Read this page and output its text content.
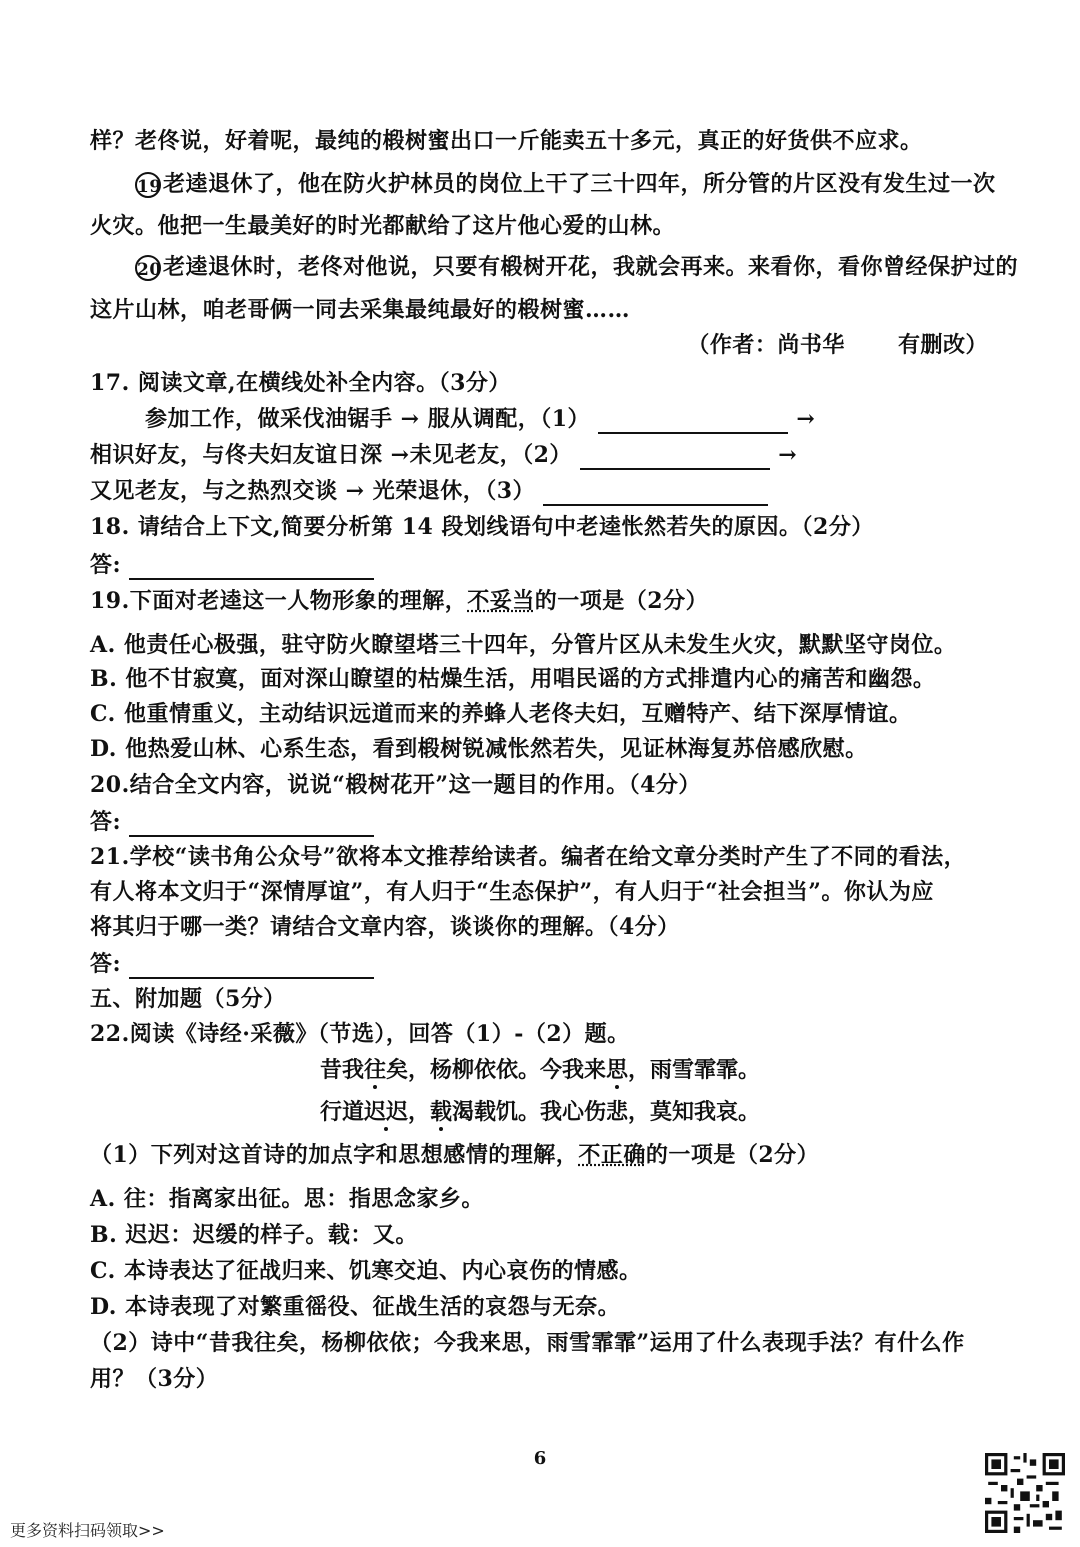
样？老佟说，好着呢，最纯的椴树蜜出口一斤能卖五十多元，真正的好货供不应求。
19老逵退休了，他在防火护林员的岗位上干了三十四年，所分管的片区没有发生过一次
火灾。他把一生最美好的时光都献给了这片他心爱的山林。
20老逵退休时，老佟对他说，只要有椴树开花，我就会再来。来看你，看你曾经保护过的
这片山林，咱老哥俩一同去采集最纯最好的椴树蜜……
（作者：尚书华　　 有删改）
17. 阅读文章,在横线处补全内容。（3分）
参加工作，做采伐油锯手 → 服从调配，（1）	→
相识好友，与佟夫妇友谊日深 →未见老友，（2）	→
又见老友，与之热烈交谈 → 光荣退休，（3）
18. 请结合上下文,简要分析第 14 段划线语句中老逵怅然若失的原因。（2分）
答:
19.下面对老逵这一人物形象的理解，不妥当的一项是（2分）
A. 他责任心极强，驻守防火瞭望塔三十四年，分管片区从未发生火灾，默默坚守岗位。
B. 他不甘寂寞，面对深山瞭望的枯燥生活，用唱民谣的方式排遣内心的痛苦和幽怨。
C. 他重情重义，主动结识远道而来的养蜂人老佟夫妇，互赠特产、结下深厚情谊。
D. 他热爱山林、心系生态，看到椴树锐减怅然若失，见证林海复苏倍感欣慰。
20.结合全文内容，说说“椴树花开”这一题目的作用。（4分）
答:
21.学校“读书角公众号”欲将本文推荐给读者。编者在给文章分类时产生了不同的看法，
有人将本文归于“深情厚谊”，有人归于“生态保护”，有人归于“社会担当”。你认为应
将其归于哪一类？请结合文章内容，谈谈你的理解。（4分）
答:
五、附加题（5分）
22.阅读《诗经·采薇》（节选），回答（1）-（2）题。
昔我往矣，杨柳依依。今我来思，雨雪霏霏。
行道迟迟，载渴载饥。我心伤悲，莫知我哀。
（1）下列对这首诗的加点字和思想感情的理解，不正确的一项是（2分）
A. 往：指离家出征。思：指思念家乡。
B. 迟迟：迟缓的样子。载：又。
C. 本诗表达了征战归来、饥寒交迫、内心哀伤的情感。
D. 本诗表现了对繁重徭役、征战生活的哀怨与无奈。
（2）诗中“昔我往矣，杨柳依依；今我来思，雨雪霏霏”运用了什么表现手法？有什么作
用？（3分）
6
更多资料扫码领取>>
